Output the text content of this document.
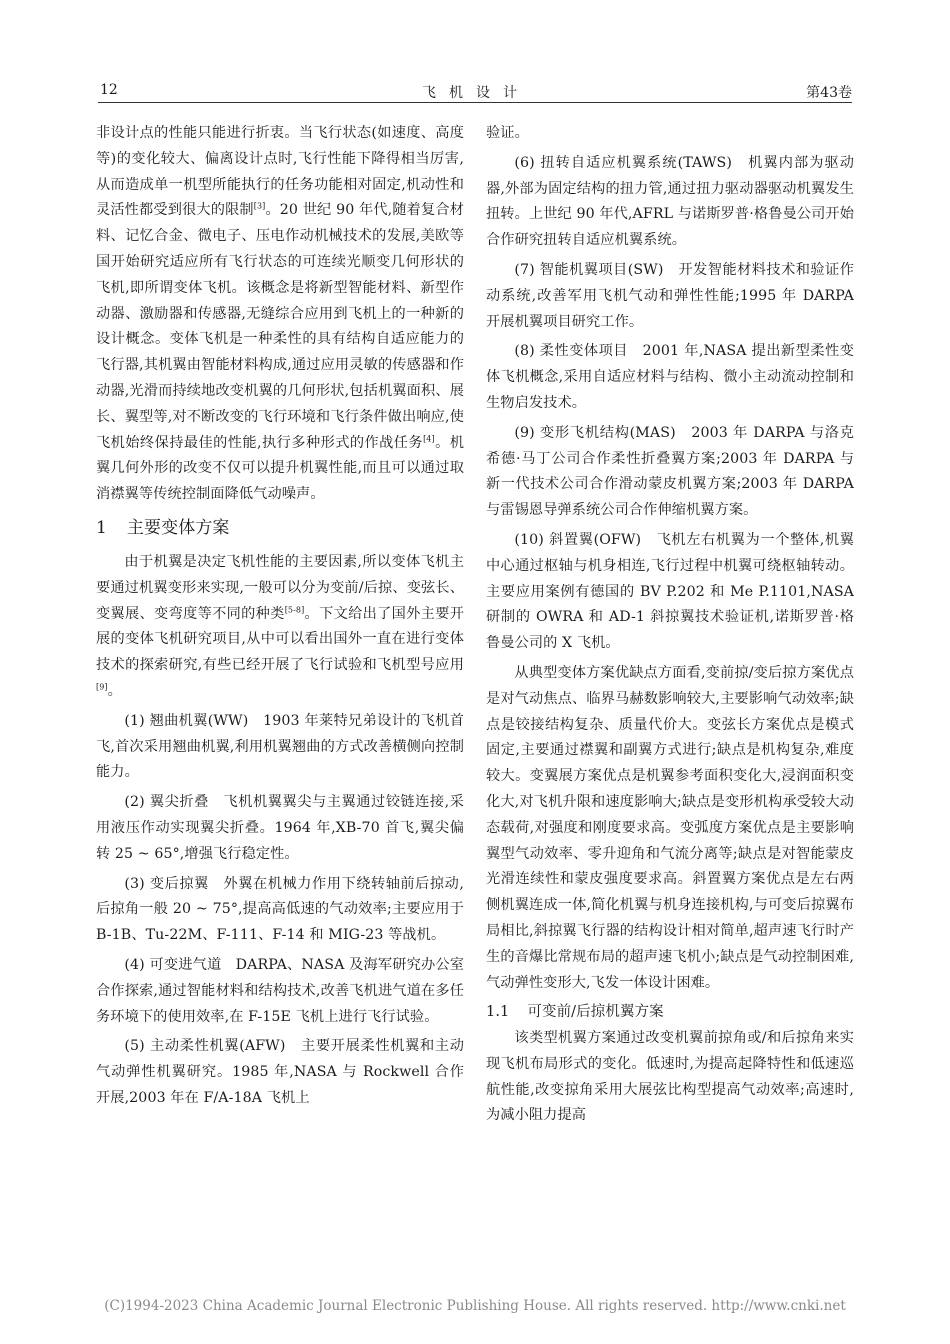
12	飞机设计	第43卷

非设计点的性能只能进行折衷。当飞行状态(如速度、高度等)的变化较大、偏离设计点时,飞行性能下降得相当厉害,从而造成单一机型所能执行的任务功能相对固定,机动性和灵活性都受到很大的限制[3]。20 世纪 90 年代,随着复合材料、记忆合金、微电子、压电作动机械技术的发展,美欧等国开始研究适应所有飞行状态的可连续光顺变几何形状的飞机,即所谓变体飞机。该概念是将新型智能材料、新型作动器、激励器和传感器,无缝综合应用到飞机上的一种新的设计概念。变体飞机是一种柔性的具有结构自适应能力的飞行器,其机翼由智能材料构成,通过应用灵敏的传感器和作动器,光滑而持续地改变机翼的几何形状,包括机翼面积、展长、翼型等,对不断改变的飞行环境和飞行条件做出响应,使飞机始终保持最佳的性能,执行多种形式的作战任务[4]。机翼几何外形的改变不仅可以提升机翼性能,而且可以通过取消襟翼等传统控制面降低气动噪声。

1 主要变体方案

由于机翼是决定飞机性能的主要因素,所以变体飞机主要通过机翼变形来实现,一般可以分为变前/后掠、变弦长、变翼展、变弯度等不同的种类[5-8]。下文给出了国外主要开展的变体飞机研究项目,从中可以看出国外一直在进行变体技术的探索研究,有些已经开展了飞行试验和飞机型号应用[9]。

(1) 翘曲机翼(WW)　1903 年莱特兄弟设计的飞机首飞,首次采用翘曲机翼,利用机翼翘曲的方式改善横侧向控制能力。

(2) 翼尖折叠　飞机机翼翼尖与主翼通过铰链连接,采用液压作动实现翼尖折叠。1964 年,XB-70 首飞,翼尖偏转 25 ~ 65°,增强飞行稳定性。

(3) 变后掠翼　外翼在机械力作用下绕转轴前后掠动,后掠角一般 20 ~ 75°,提高高低速的气动效率;主要应用于 B-1B、Tu-22M、F-111、F-14 和 MIG-23 等战机。

(4) 可变进气道　DARPA、NASA 及海军研究办公室合作探索,通过智能材料和结构技术,改善飞机进气道在多任务环境下的使用效率,在 F-15E 飞机上进行飞行试验。

(5) 主动柔性机翼(AFW)　主要开展柔性机翼和主动气动弹性机翼研究。1985 年,NASA 与 Rockwell 合作开展,2003 年在 F/A-18A 飞机上

验证。

(6) 扭转自适应机翼系统(TAWS)　机翼内部为驱动器,外部为固定结构的扭力管,通过扭力驱动器驱动机翼发生扭转。上世纪 90 年代,AFRL 与诺斯罗普·格鲁曼公司开始合作研究扭转自适应机翼系统。

(7) 智能机翼项目(SW)　开发智能材料技术和验证作动系统,改善军用飞机气动和弹性性能;1995 年 DARPA 开展机翼项目研究工作。

(8) 柔性变体项目　2001 年,NASA 提出新型柔性变体飞机概念,采用自适应材料与结构、微小主动流动控制和生物启发技术。

(9) 变形飞机结构(MAS)　2003 年 DARPA 与洛克希德·马丁公司合作柔性折叠翼方案;2003 年 DARPA 与新一代技术公司合作滑动蒙皮机翼方案;2003 年 DARPA 与雷锡恩导弹系统公司合作伸缩机翼方案。

(10) 斜置翼(OFW)　飞机左右机翼为一个整体,机翼中心通过枢轴与机身相连,飞行过程中机翼可绕枢轴转动。主要应用案例有德国的 BV P.202 和 Me P.1101,NASA 研制的 OWRA 和 AD-1 斜掠翼技术验证机,诺斯罗普·格鲁曼公司的 X 飞机。

从典型变体方案优缺点方面看,变前掠/变后掠方案优点是对气动焦点、临界马赫数影响较大,主要影响气动效率;缺点是铰接结构复杂、质量代价大。变弦长方案优点是模式固定,主要通过襟翼和副翼方式进行;缺点是机构复杂,难度较大。变翼展方案优点是机翼参考面积变化大,浸润面积变化大,对飞机升限和速度影响大;缺点是变形机构承受较大动态载荷,对强度和刚度要求高。变弧度方案优点是主要影响翼型气动效率、零升迎角和气流分离等;缺点是对智能蒙皮光滑连续性和蒙皮强度要求高。斜置翼方案优点是左右两侧机翼连成一体,简化机翼与机身连接机构,与可变后掠翼布局相比,斜掠翼飞行器的结构设计相对简单,超声速飞行时产生的音爆比常规布局的超声速飞机小;缺点是气动控制困难,气动弹性变形大,飞发一体设计困难。

1.1 可变前/后掠机翼方案

该类型机翼方案通过改变机翼前掠角或/和后掠角来实现飞机布局形式的变化。低速时,为提高起降特性和低速巡航性能,改变掠角采用大展弦比构型提高气动效率;高速时,为减小阻力提高

(C)1994-2023 China Academic Journal Electronic Publishing House. All rights reserved. http://www.cnki.net
